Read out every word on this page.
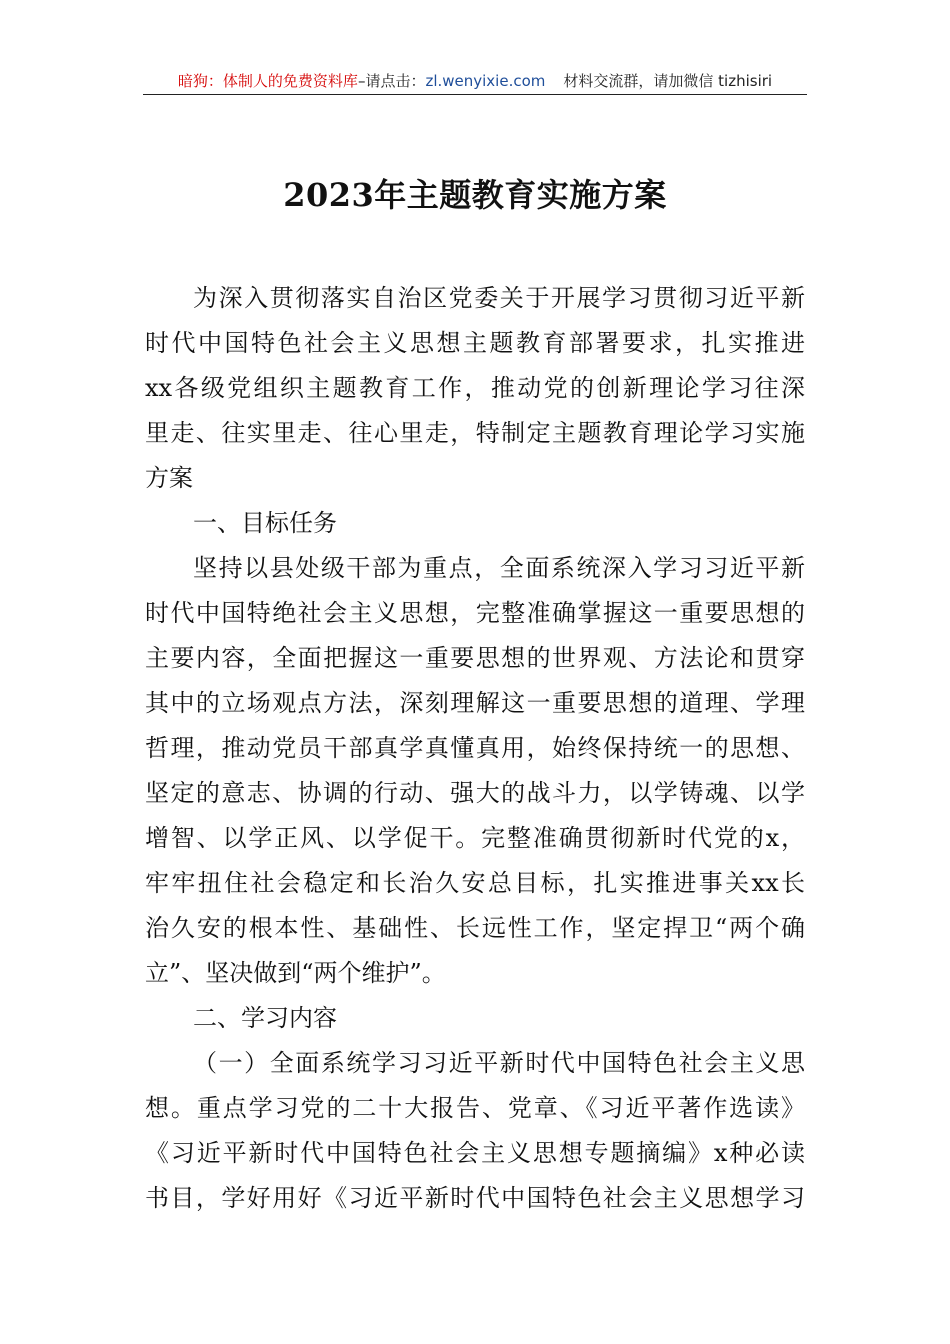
暗狗：体制人的免费资料库–请点击：zl.wenyixie.com 材料交流群，请加微信 tizhisiri
2023年主题教育实施方案
为深入贯彻落实自治区党委关于开展学习贯彻习近平新
时代中国特色社会主义思想主题教育部署要求，扎实推进
xx各级党组织主题教育工作，推动党的创新理论学习往深
里走、往实里走、往心里走，特制定主题教育理论学习实施
方案
一、目标任务
坚持以县处级干部为重点，全面系统深入学习习近平新
时代中国特绝社会主义思想，完整准确掌握这一重要思想的
主要内容，全面把握这一重要思想的世界观、方法论和贯穿
其中的立场观点方法，深刻理解这一重要思想的道理、学理
哲理，推动党员干部真学真懂真用，始终保持统一的思想、
坚定的意志、协调的行动、强大的战斗力，以学铸魂、以学
增智、以学正风、以学促干。完整准确贯彻新时代党的x，
牢牢扭住社会稳定和长治久安总目标，扎实推进事关xx长
治久安的根本性、基础性、长远性工作，坚定捍卫“两个确
立”、坚决做到“两个维护”。
二、学习内容
（一）全面系统学习习近平新时代中国特色社会主义思
想。重点学习党的二十大报告、党章、《习近平著作选读》
《习近平新时代中国特色社会主义思想专题摘编》x种必读
书目，学好用好《习近平新时代中国特色社会主义思想学习
